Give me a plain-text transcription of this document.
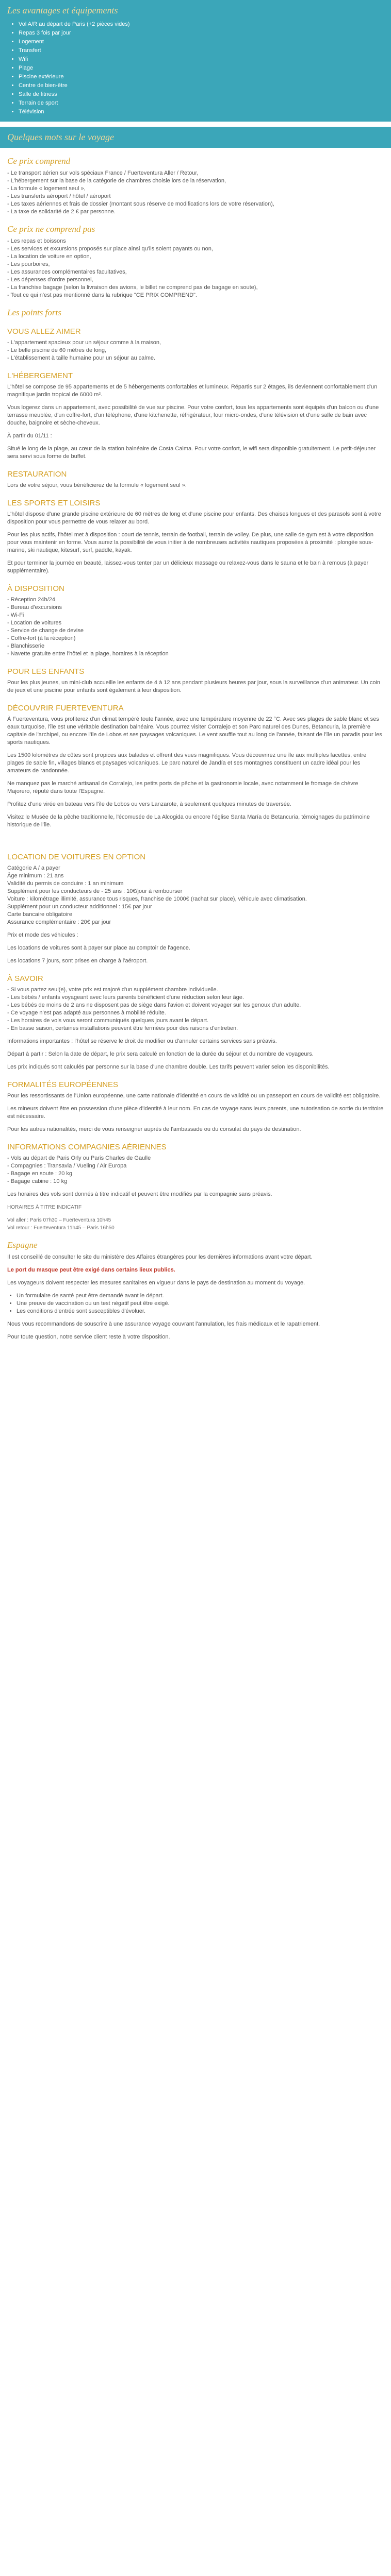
Les avantages et équipements
• Vol A/R au départ de Paris (+2 pièces vides)
• Repas 3 fois par jour
• Logement
• Transfert
• Wifi
• Plage
• Piscine extérieure
• Centre de bien-être
• Salle de fitness
• Terrain de sport
• Télévision
Quelques mots sur le voyage
Ce prix comprend

- Le transport aérien sur vols spéciaux France / Fuerteventura Aller / Retour,
- L'hébergement sur la base de la catégorie de chambres choisie lors de la réservation,
- La formule « logement seul »,
- Les transferts aéroport / hôtel / aéroport
- Les taxes aériennes et frais de dossier (montant sous réserve de modifications lors de votre réservation),
- La taxe de solidarité de 2 € par personne.

Ce prix ne comprend pas

- Les repas et boissons
- Les services et excursions proposés sur place ainsi qu'ils soient payants ou non,
- La location de voiture en option,
- Les pourboires,
- Les assurances complémentaires facultatives,
- Les dépenses d'ordre personnel,
- La franchise bagage (selon la livraison des avions, le billet ne comprend pas de bagage en soute),
- Tout ce qui n'est pas mentionné dans la rubrique "CE PRIX COMPREND".

Les points forts
VOUS ALLEZ AIMER

- L'appartement spacieux pour un séjour comme à la maison,
- Le belle piscine de 60 mètres de long,
- L'établissement à taille humaine pour un séjour au calme.

L'HÉBERGEMENT

L'hôtel se compose de 95 appartements et de 5 hébergements confortables et lumineux. Répartis sur 2 étages, ils deviennent confortablement d'un magnifique jardin tropical de 6000 m².

Vous logerez dans un appartement, avec possibilité de vue sur piscine. Pour votre confort, tous les appartements sont équipés d'un balcon ou d'une terrasse meublée, d'un coffre-fort, d'un téléphone, d'une kitchenette, réfrigérateur, four micro-ondes, d'une télévision et d'une salle de bain avec douche, baignoire et sèche-cheveux.

À partir du 01/11 :

Situé le long de la plage, au cœur de la station balnéaire de Costa Calma. Pour votre confort, le wifi sera disponible gratuitement. Le petit-déjeuner sera servi sous forme de buffet.

RESTAURATION

Lors de votre séjour, vous bénéficierez de la formule « logement seul ».

LES SPORTS ET LOISIRS

L'hôtel dispose d'une grande piscine extérieure de 60 mètres de long et d'une piscine pour enfants. Des chaises longues et des parasols sont à votre disposition pour vous permettre de vous relaxer au bord.

Pour les plus actifs, l'hôtel met à disposition : court de tennis, terrain de football, terrain de volley. De plus, une salle de gym est à votre disposition pour vous maintenir en forme. Vous aurez la possibilité de vous initier à de nombreuses activités nautiques proposées à proximité : plongée sous-marine, ski nautique, kitesurf, surf, paddle, kayak.

Et pour terminer la journée en beauté, laissez-vous tenter par un délicieux massage ou relaxez-vous dans le sauna et le bain à remous (à payer supplémentaire).

À DISPOSITION

- Réception 24h/24
- Bureau d'excursions
- Wi-Fi
- Location de voitures
- Service de change de devise
- Coffre-fort (à la réception)
- Blanchisserie
- Navette gratuite entre l'hôtel et la plage, horaires à la réception

POUR LES ENFANTS

Pour les plus jeunes, un mini-club accueille les enfants de 4 à 12 ans pendant plusieurs heures par jour, sous la surveillance d'un animateur. Un coin de jeux et une piscine pour enfants sont également à leur disposition.

DÉCOUVRIR FUERTEVENTURA

À Fuerteventura, vous profiterez d'un climat tempéré toute l'année, avec une température moyenne de 22 °C. Avec ses plages de sable blanc et ses eaux turquoise, l'île est une véritable destination balnéaire. Vous pourrez visiter Corralejo et son Parc naturel des Dunes, Betancuria, la première capitale de l'archipel, ou encore l'île de Lobos et ses paysages volcaniques. Le vent souffle tout au long de l'année, faisant de l'île un paradis pour les sports nautiques.

Les 1500 kilomètres de côtes sont propices aux balades et offrent des vues magnifiques. Vous découvrirez une île aux multiples facettes, entre plages de sable fin, villages blancs et paysages volcaniques. Le parc naturel de Jandía et ses montagnes constituent un cadre idéal pour les amateurs de randonnée.

Ne manquez pas le marché artisanal de Corralejo, les petits ports de pêche et la gastronomie locale, avec notamment le fromage de chèvre Majorero, réputé dans toute l'Espagne.

Profitez d'une virée en bateau vers l'île de Lobos ou vers Lanzarote, à seulement quelques minutes de traversée.

Visitez le Musée de la pêche traditionnelle, l'écomusée de La Alcogida ou encore l'église Santa María de Betancuria, témoignages du patrimoine historique de l'île.

LOCATION DE VOITURES EN OPTION

Catégorie A / a payer
Âge minimum : 21 ans
Validité du permis de conduire : 1 an minimum
Supplément pour les conducteurs de - 25 ans : 10€/jour à rembourser
Voiture : kilométrage illimité, assurance tous risques, franchise de 1000€ (rachat sur place), véhicule avec climatisation.
Supplément pour un conducteur additionnel : 15€ par jour
Carte bancaire obligatoire
Assurance complémentaire : 20€ par jour

Prix et mode des véhicules :

Les locations de voitures sont à payer sur place au comptoir de l'agence.

Les locations 7 jours, sont prises en charge à l'aéroport.

À SAVOIR

- Si vous partez seul(e), votre prix est majoré d'un supplément chambre individuelle.
- Les bébés / enfants voyageant avec leurs parents bénéficient d'une réduction selon leur âge.
- Les bébés de moins de 2 ans ne disposent pas de siège dans l'avion et doivent voyager sur les genoux d'un adulte.
- Ce voyage n'est pas adapté aux personnes à mobilité réduite.
- Les horaires de vols vous seront communiqués quelques jours avant le départ.
- En basse saison, certaines installations peuvent être fermées pour des raisons d'entretien.

Informations importantes : l'hôtel se réserve le droit de modifier ou d'annuler certains services sans préavis.

Départ à partir : Selon la date de départ, le prix sera calculé en fonction de la durée du séjour et du nombre de voyageurs.

Les prix indiqués sont calculés par personne sur la base d'une chambre double. Les tarifs peuvent varier selon les disponibilités.

FORMALITÉS EUROPÉENNES

Pour les ressortissants de l'Union européenne, une carte nationale d'identité en cours de validité ou un passeport en cours de validité est obligatoire.

Les mineurs doivent être en possession d'une pièce d'identité à leur nom. En cas de voyage sans leurs parents, une autorisation de sortie du territoire est nécessaire.

Pour les autres nationalités, merci de vous renseigner auprès de l'ambassade ou du consulat du pays de destination.

INFORMATIONS COMPAGNIES AÉRIENNES

- Vols au départ de Paris Orly ou Paris Charles de Gaulle
- Compagnies : Transavia / Vueling / Air Europa
- Bagage en soute : 20 kg
- Bagage cabine : 10 kg

Les horaires des vols sont donnés à titre indicatif et peuvent être modifiés par la compagnie sans préavis.

HORAIRES À TITRE INDICATIF

Vol aller : Paris 07h30 – Fuerteventura 10h45
Vol retour : Fuerteventura 11h45 – Paris 16h50

Espagne

Il est conseillé de consulter le site du ministère des Affaires étrangères pour les dernières informations avant votre départ.

Le port du masque peut être exigé dans certains lieux publics.

Les voyageurs doivent respecter les mesures sanitaires en vigueur dans le pays de destination au moment du voyage.

• Un formulaire de santé peut être demandé avant le départ.
• Une preuve de vaccination ou un test négatif peut être exigé.
• Les conditions d'entrée sont susceptibles d'évoluer.

Nous vous recommandons de souscrire à une assurance voyage couvrant l'annulation, les frais médicaux et le rapatriement.

Pour toute question, notre service client reste à votre disposition.
